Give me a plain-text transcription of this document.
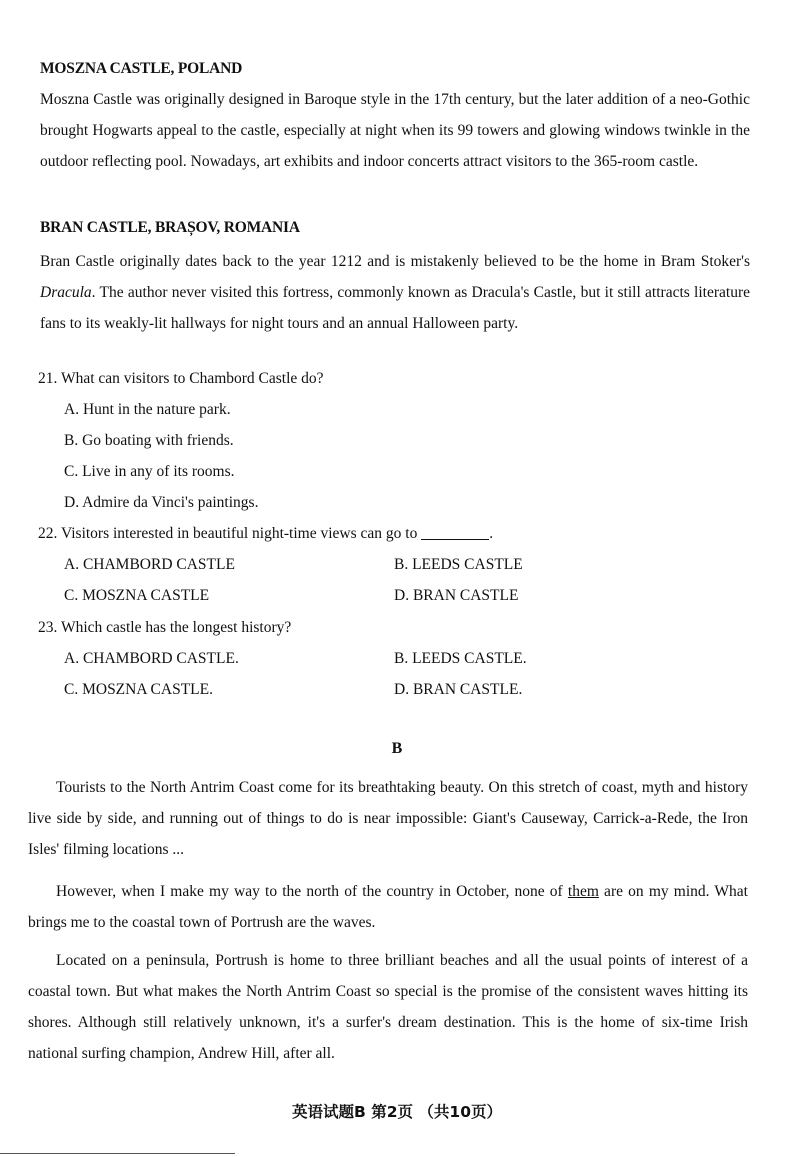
MOSZNA CASTLE, POLAND
Moszna Castle was originally designed in Baroque style in the 17th century, but the later addition of a neo-Gothic brought Hogwarts appeal to the castle, especially at night when its 99 towers and glowing windows twinkle in the outdoor reflecting pool. Nowadays, art exhibits and indoor concerts attract visitors to the 365-room castle.
BRAN CASTLE, BRAȘOV, ROMANIA
Bran Castle originally dates back to the year 1212 and is mistakenly believed to be the home in Bram Stoker's Dracula. The author never visited this fortress, commonly known as Dracula's Castle, but it still attracts literature fans to its weakly-lit hallways for night tours and an annual Halloween party.
21. What can visitors to Chambord Castle do?
A. Hunt in the nature park.
B. Go boating with friends.
C. Live in any of its rooms.
D. Admire da Vinci's paintings.
22. Visitors interested in beautiful night-time views can go to	.
A. CHAMBORD CASTLE	B. LEEDS CASTLE
C. MOSZNA CASTLE	D. BRAN CASTLE
23. Which castle has the longest history?
A. CHAMBORD CASTLE.	B. LEEDS CASTLE.
C. MOSZNA CASTLE.	D. BRAN CASTLE.
B
Tourists to the North Antrim Coast come for its breathtaking beauty. On this stretch of coast, myth and history live side by side, and running out of things to do is near impossible: Giant's Causeway, Carrick-a-Rede, the Iron Isles' filming locations ...
However, when I make my way to the north of the country in October, none of them are on my mind. What brings me to the coastal town of Portrush are the waves.
Located on a peninsula, Portrush is home to three brilliant beaches and all the usual points of interest of a coastal town. But what makes the North Antrim Coast so special is the promise of the consistent waves hitting its shores. Although still relatively unknown, it's a surfer's dream destination. This is the home of six-time Irish national surfing champion, Andrew Hill, after all.
英语试题B 第2页 （共10页）
